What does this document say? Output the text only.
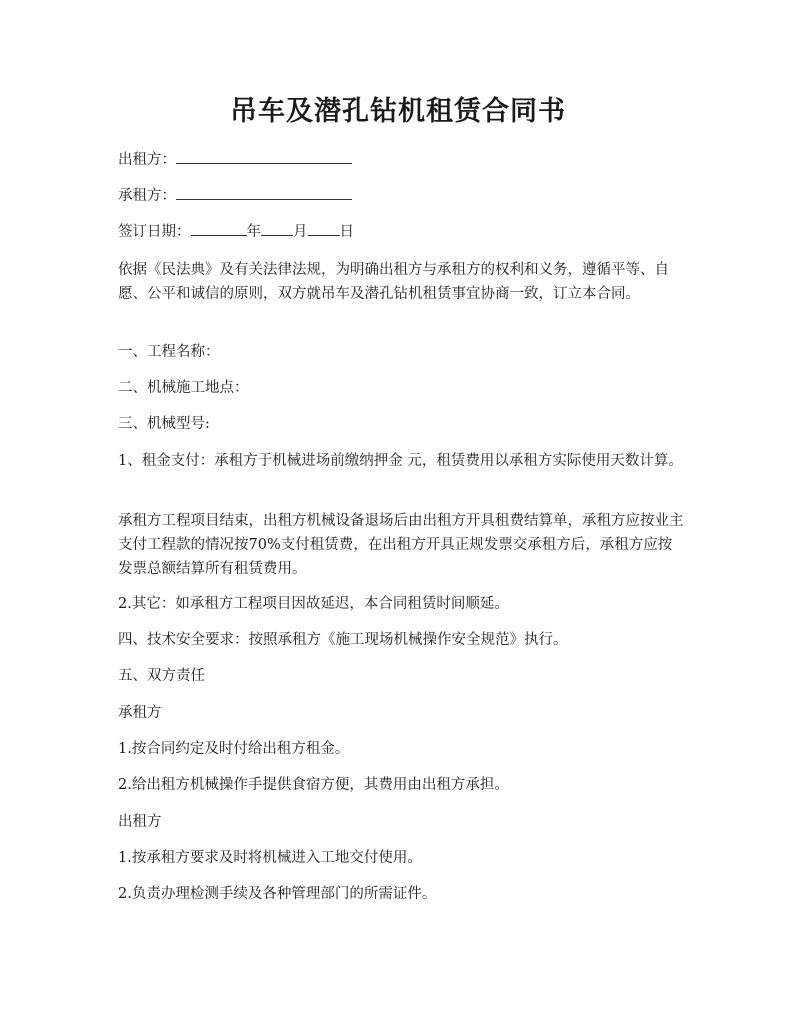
吊车及潜孔钻机租赁合同书

出租方：

承租方：

签订日期：	年 月 日

依据《民法典》及有关法律法规，为明确出租方与承租方的权利和义务，遵循平等、自愿、公平和诚信的原则，双方就吊车及潜孔钻机租赁事宜协商一致，订立本合同。

一、工程名称：

二、机械施工地点：

三、机械型号:

1、租金支付：承租方于机械进场前缴纳押金 元，租赁费用以承租方实际使用天数计算。

承租方工程项目结束，出租方机械设备退场后由出租方开具租费结算单，承租方应按业主支付工程款的情况按70%支付租赁费，在出租方开具正规发票交承租方后，承租方应按发票总额结算所有租赁费用。

2.其它：如承租方工程项目因故延迟，本合同租赁时间顺延。

四、技术安全要求：按照承租方《施工现场机械操作安全规范》执行。

五、双方责任

承租方

1.按合同约定及时付给出租方租金。

2.给出租方机械操作手提供食宿方便，其费用由出租方承担。

出租方

1.按承租方要求及时将机械进入工地交付使用。

2.负责办理检测手续及各种管理部门的所需证件。
